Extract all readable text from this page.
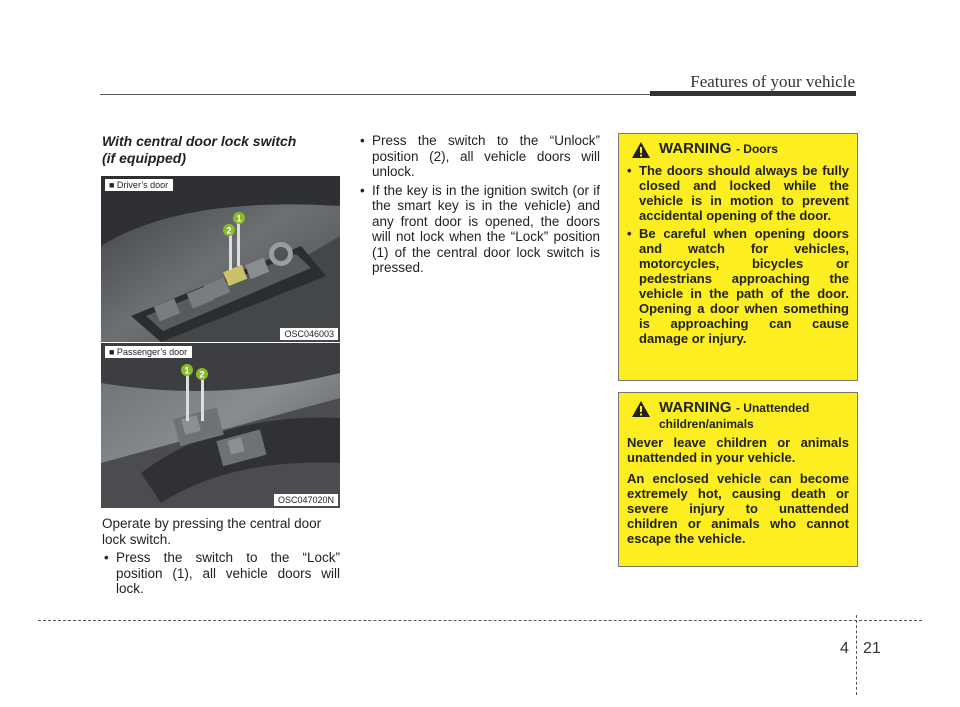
Features of your vehicle
With central door lock switch
(if equipped)
2
1
■ Driver’s door
OSC046003
1 2
■ Passenger’s door
OSC047020N
Operate by pressing the central door lock switch.
• Press the switch to the “Lock” position (1), all vehicle doors will lock.
• Press the switch to the “Unlock” position (2), all vehicle doors will unlock.
• If the key is in the ignition switch (or if the smart key is in the vehicle) and any front door is opened, the doors will not lock when the “Lock” position (1) of the central door lock switch is pressed.
WARNING
- Doors
• The doors should always be fully closed and locked while the vehicle is in motion to prevent accidental opening of the door.
• Be careful when opening doors and watch for vehicles, motorcycles, bicycles or pedestrians approaching the vehicle in the path of the door. Opening a door when something is approaching can cause damage or injury.
WARNING - Unattended
children/animals
Never leave children or animals unattended in your vehicle.
An enclosed vehicle can become extremely hot, causing death or severe injury to unattended children or animals who cannot escape the vehicle.
4 21
